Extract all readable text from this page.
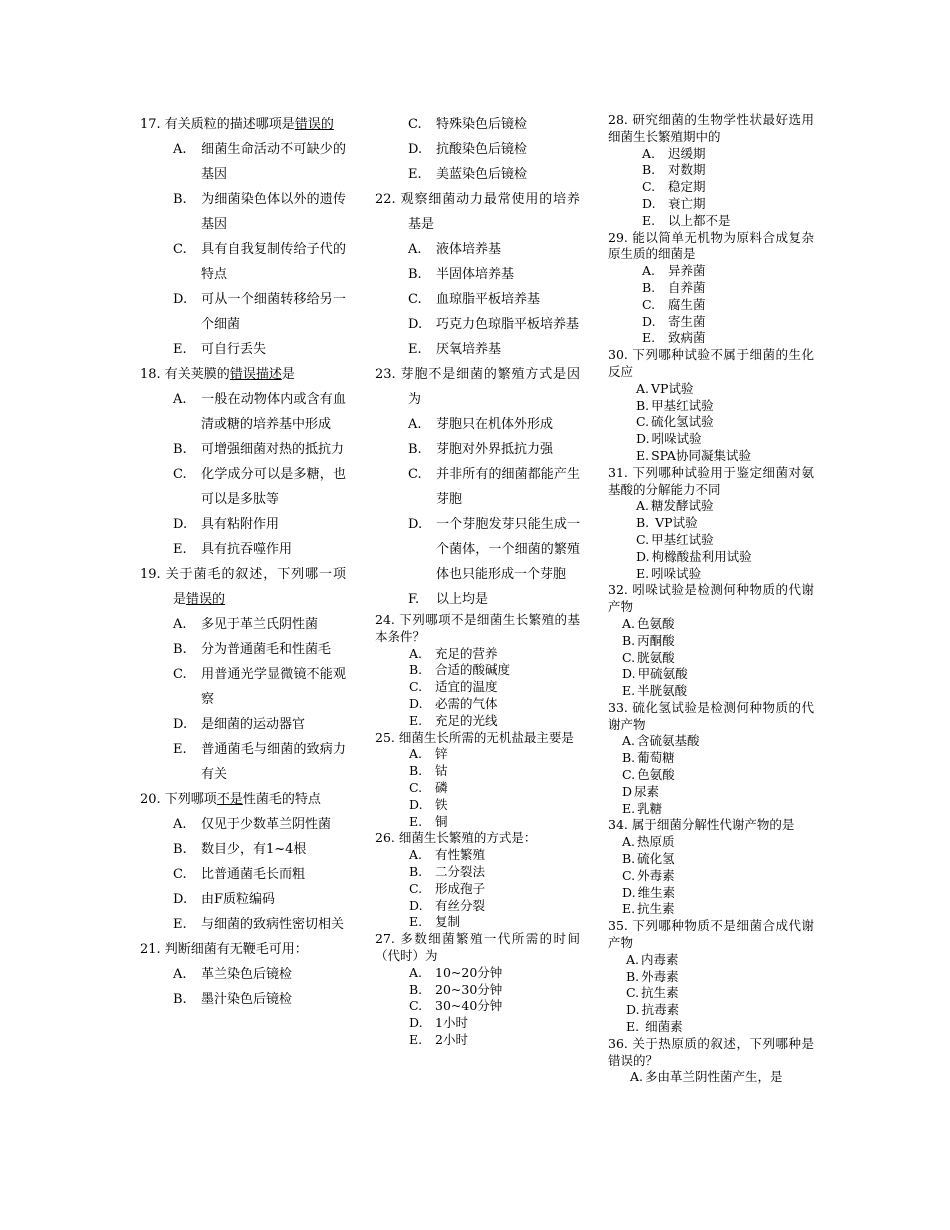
17. 有关质粒的描述哪项是错误的
A. 细菌生命活动不可缺少的基因
B. 为细菌染色体以外的遗传基因
C. 具有自我复制传给子代的特点
D. 可从一个细菌转移给另一个细菌
E. 可自行丢失
18. 有关荚膜的错误描述是
A. 一般在动物体内或含有血清或糖的培养基中形成
B. 可增强细菌对热的抵抗力
C. 化学成分可以是多糖，也可以是多肽等
D. 具有粘附作用
E. 具有抗吞噬作用
19. 关于菌毛的叙述，下列哪一项是错误的
A. 多见于革兰氏阴性菌
B. 分为普通菌毛和性菌毛
C. 用普通光学显微镜不能观察
D. 是细菌的运动器官
E. 普通菌毛与细菌的致病力有关
20. 下列哪项不是性菌毛的特点
A. 仅见于少数革兰阴性菌
B. 数目少，有1~4根
C. 比普通菌毛长而粗
D. 由F质粒编码
E. 与细菌的致病性密切相关
21. 判断细菌有无鞭毛可用：
A. 革兰染色后镜检
B. 墨汁染色后镜检
C. 特殊染色后镜检
D. 抗酸染色后镜检
E. 美蓝染色后镜检
22. 观察细菌动力最常使用的培养基是
A. 液体培养基
B. 半固体培养基
C. 血琼脂平板培养基
D. 巧克力色琼脂平板培养基
E. 厌氧培养基
23. 芽胞不是细菌的繁殖方式是因为
A. 芽胞只在机体外形成
B. 芽胞对外界抵抗力强
C. 并非所有的细菌都能产生芽胞
D. 一个芽胞发芽只能生成一个菌体，一个细菌的繁殖体也只能形成一个芽胞
F. 以上均是
24. 下列哪项不是细菌生长繁殖的基本条件？
A. 充足的营养
B. 合适的酸碱度
C. 适宜的温度
D. 必需的气体
E. 充足的光线
25. 细菌生长所需的无机盐最主要是
A. 锌
B. 钴
C. 磷
D. 铁
E. 铜
26. 细菌生长繁殖的方式是：
A. 有性繁殖
B. 二分裂法
C. 形成孢子
D. 有丝分裂
E. 复制
27. 多数细菌繁殖一代所需的时间（代时）为
A. 10~20分钟
B. 20~30分钟
C. 30~40分钟
D. 1小时
E. 2小时
28. 研究细菌的生物学性状最好选用细菌生长繁殖期中的
A. 迟缓期
B. 对数期
C. 稳定期
D. 衰亡期
E. 以上都不是
29. 能以简单无机物为原料合成复杂原生质的细菌是
A. 异养菌
B. 自养菌
C. 腐生菌
D. 寄生菌
E. 致病菌
30. 下列哪种试验不属于细菌的生化反应
A. VP试验
B. 甲基红试验
C. 硫化氢试验
D. 吲哚试验
E. SPA协同凝集试验
31. 下列哪种试验用于鉴定细菌对氨基酸的分解能力不同
A. 糖发酵试验
B. VP试验
C. 甲基红试验
D. 枸橼酸盐利用试验
E. 吲哚试验
32. 吲哚试验是检测何种物质的代谢产物
A. 色氨酸
B. 丙酮酸
C. 胱氨酸
D. 甲硫氨酸
E. 半胱氨酸
33. 硫化氢试验是检测何种物质的代谢产物
A. 含硫氨基酸
B. 葡萄糖
C. 色氨酸
D 尿素
E. 乳糖
34. 属于细菌分解性代谢产物的是
A. 热原质
B. 硫化氢
C. 外毒素
D. 维生素
E. 抗生素
35. 下列哪种物质不是细菌合成代谢产物
A. 内毒素
B. 外毒素
C. 抗生素
D. 抗毒素
E. 细菌素
36. 关于热原质的叙述，下列哪种是错误的？
A. 多由革兰阴性菌产生，是
